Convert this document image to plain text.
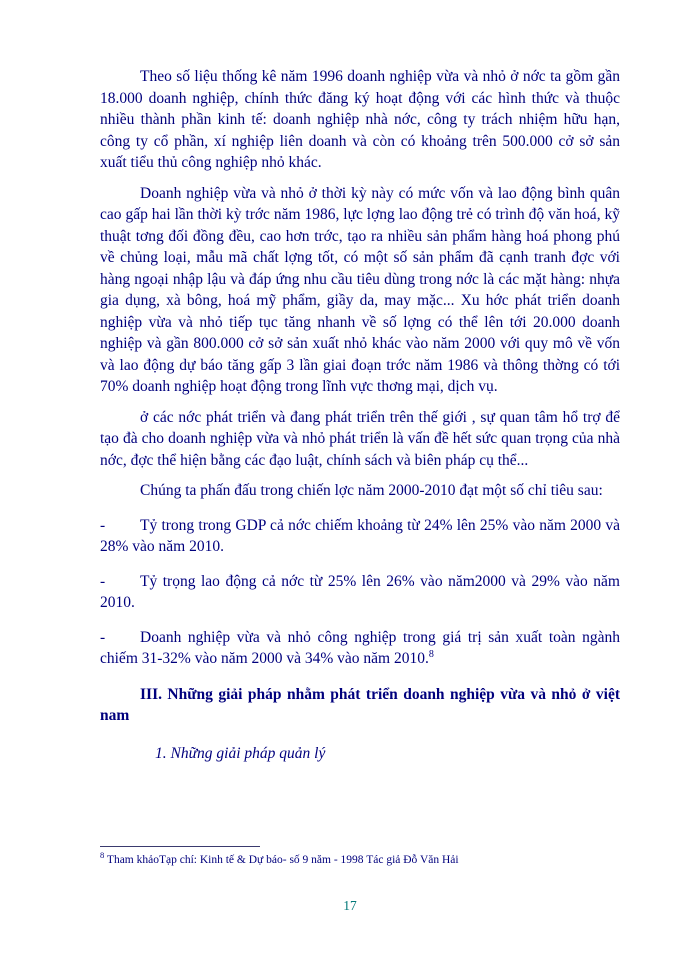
Theo số liệu thống kê năm 1996 doanh nghiệp vừa và nhỏ ở nớc ta gồm gần 18.000 doanh nghiệp, chính thức đăng ký hoạt động với các hình thức và thuộc nhiều thành phần kinh tế: doanh nghiệp nhà nớc, công ty trách nhiệm hữu hạn, công ty cổ phần, xí nghiệp liên doanh và còn có khoảng trên 500.000 cở sở sản xuất tiểu thủ công nghiệp nhỏ khác.

Doanh nghiệp vừa và nhỏ ở thời kỳ này có mức vốn và lao động bình quân cao gấp hai lần thời kỳ trớc năm 1986, lực lợng lao động trẻ có trình độ văn hoá, kỹ thuật tơng đối đồng đều, cao hơn trớc, tạo ra nhiều sản phẩm hàng hoá phong phú về chủng loại, mẫu mã chất lợng tốt, có một số sản phẩm đã cạnh tranh đợc với hàng ngoại nhập lậu và đáp ứng nhu cầu tiêu dùng trong nớc là các mặt hàng: nhựa gia dụng, xà bông, hoá mỹ phẩm, giầy da, may mặc... Xu hớc phát triển doanh nghiệp vừa và nhỏ tiếp tục tăng nhanh về số lợng có thể lên tới 20.000 doanh nghiệp và gần 800.000 cở sở sản xuất nhỏ khác vào năm 2000 với quy mô về vốn và lao động dự báo tăng gấp 3 lần giai đoạn trớc năm 1986 và thông thờng có tới 70% doanh nghiệp hoạt động trong lĩnh vực thơng mại, dịch vụ.

ở các nớc phát triển và đang phát triển trên thế giới , sự quan tâm hổ trợ để tạo đà cho doanh nghiệp vừa và nhỏ phát triển là vấn đề hết sức quan trọng của nhà nớc, đợc thể hiện bằng các đạo luật, chính sách và biên pháp cụ thể...

Chúng ta phấn đấu trong chiến lợc năm 2000-2010 đạt một số chỉ tiêu sau:

- Tỷ trong trong GDP cả nớc chiếm khoảng từ 24% lên 25% vào năm 2000 và 28% vào năm 2010.

- Tỷ trọng lao động cả nớc từ 25% lên 26% vào năm2000 và 29% vào năm 2010.

- Doanh nghiệp vừa và nhỏ công nghiệp trong giá trị sản xuất toàn ngành chiếm 31-32% vào năm 2000 và 34% vào năm 2010.$^8$

III. Những giải pháp nhằm phát triển doanh nghiệp vừa và nhỏ ở việt nam

1. Những giải pháp quản lý

$^8$ Tham khảoTạp chí: Kinh tế & Dự báo- số 9 năm - 1998 Tác giả Đỗ Văn Hải
17
